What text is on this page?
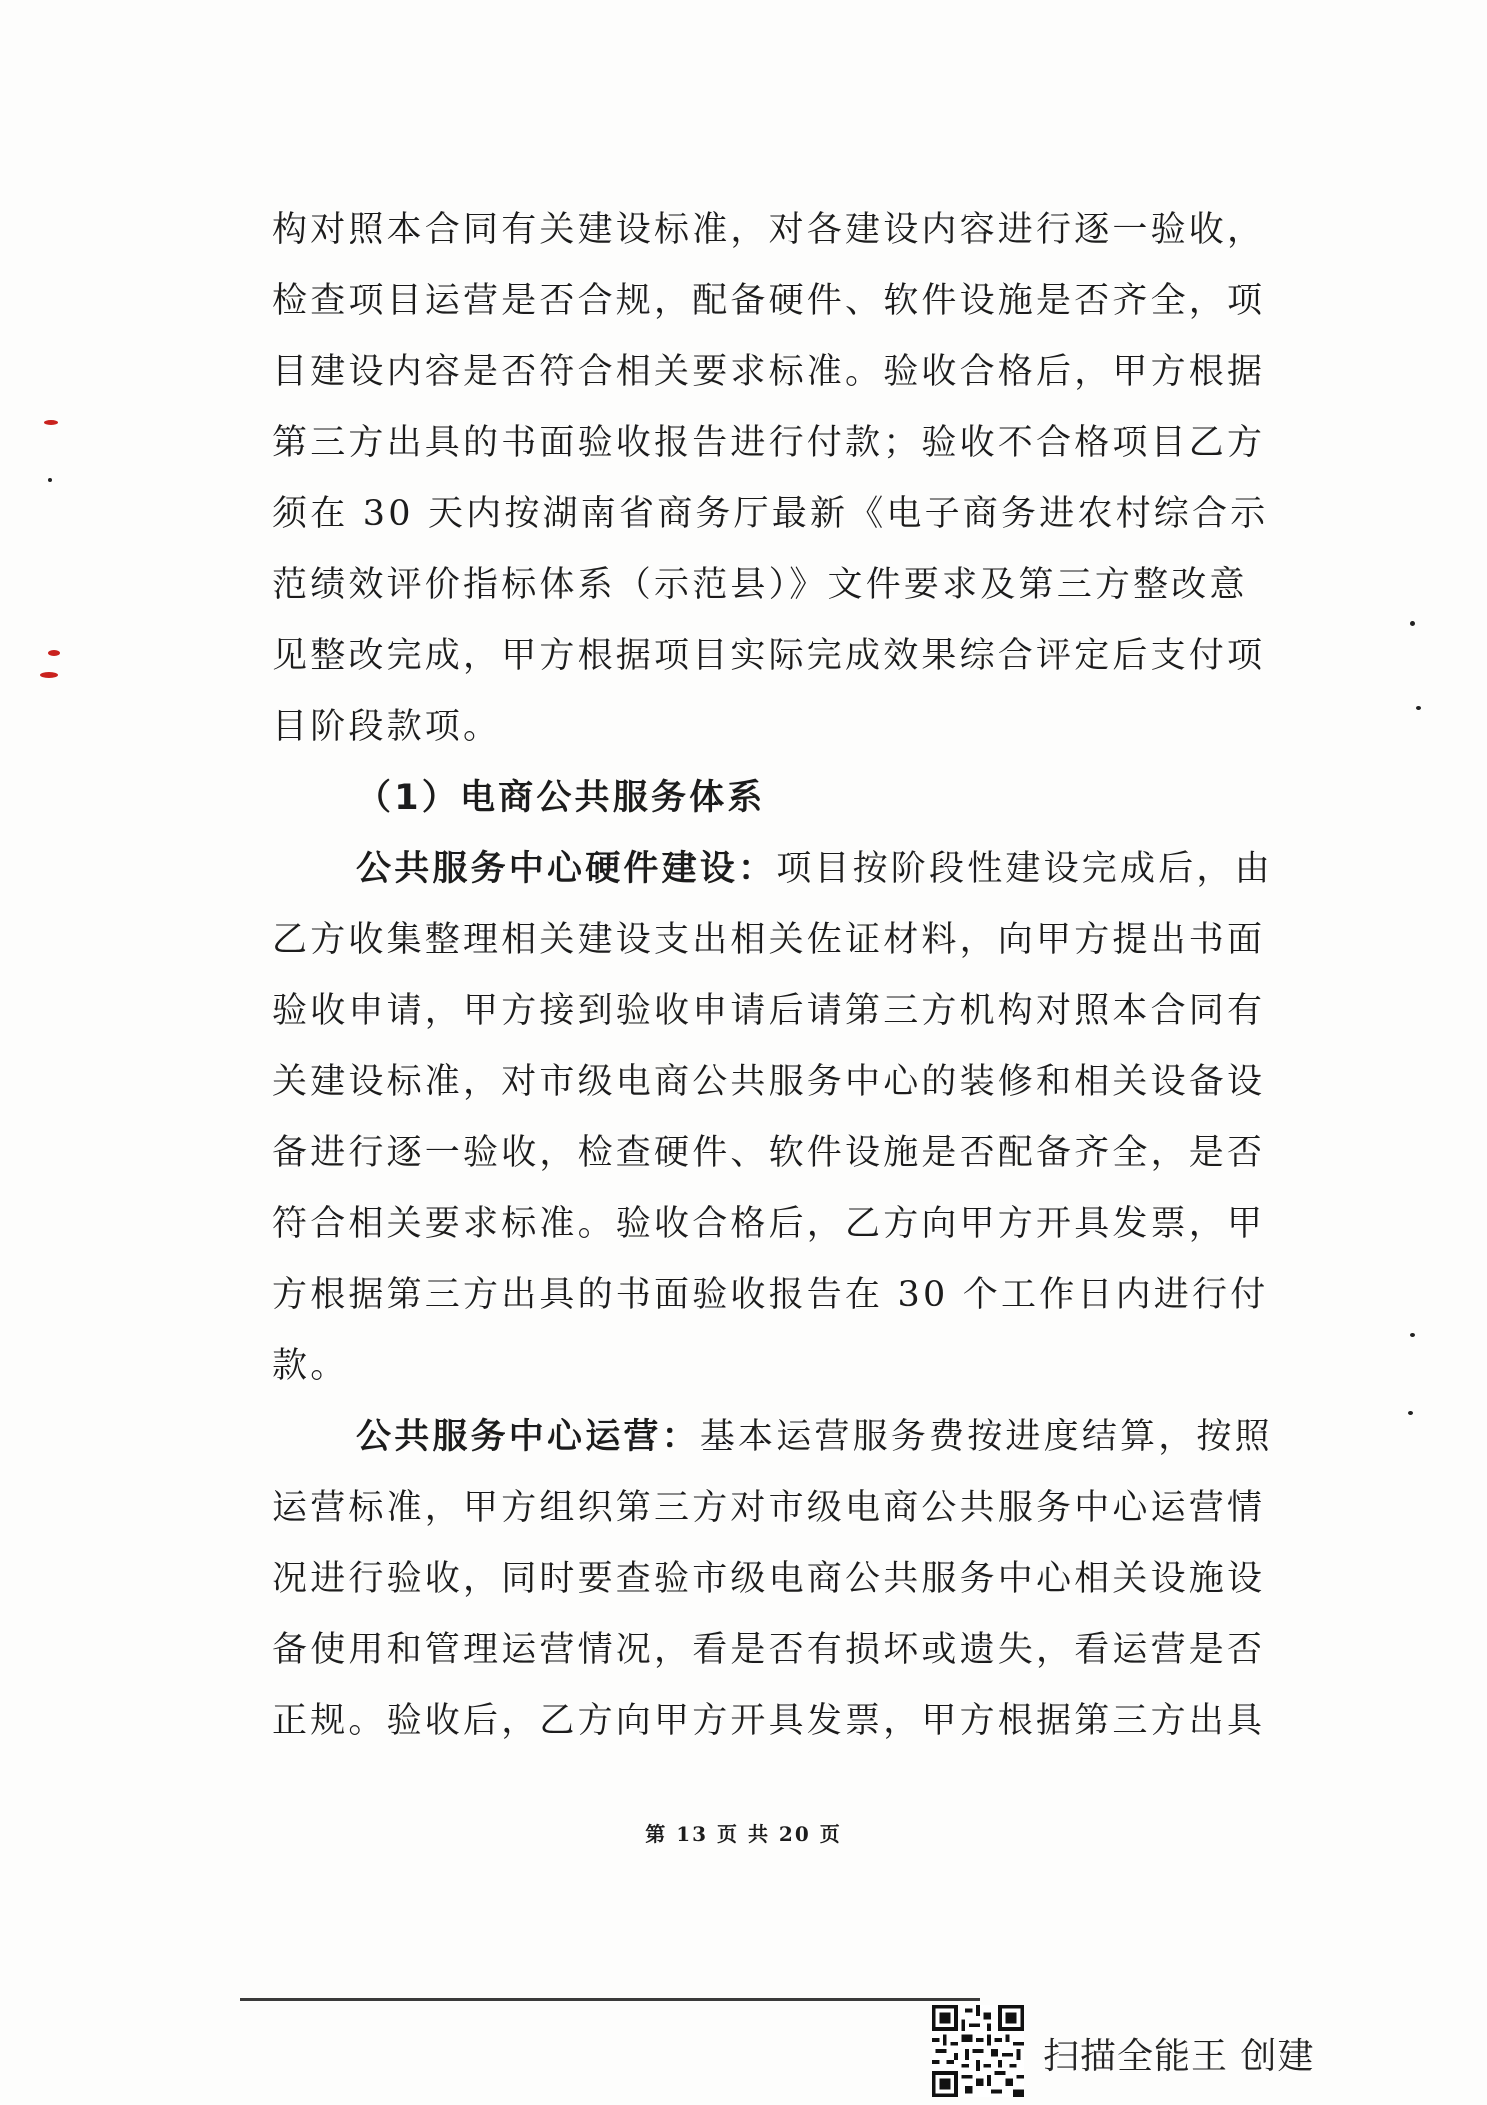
构对照本合同有关建设标准，对各建设内容进行逐一验收，
检查项目运营是否合规，配备硬件、软件设施是否齐全，项
目建设内容是否符合相关要求标准。验收合格后，甲方根据
第三方出具的书面验收报告进行付款；验收不合格项目乙方
须在 30 天内按湖南省商务厅最新《电子商务进农村综合示
范绩效评价指标体系（示范县）》文件要求及第三方整改意
见整改完成，甲方根据项目实际完成效果综合评定后支付项
目阶段款项。
（1）电商公共服务体系
公共服务中心硬件建设：项目按阶段性建设完成后，由
乙方收集整理相关建设支出相关佐证材料，向甲方提出书面
验收申请，甲方接到验收申请后请第三方机构对照本合同有
关建设标准，对市级电商公共服务中心的装修和相关设备设
备进行逐一验收，检查硬件、软件设施是否配备齐全，是否
符合相关要求标准。验收合格后，乙方向甲方开具发票，甲
方根据第三方出具的书面验收报告在 30 个工作日内进行付
款。
公共服务中心运营：基本运营服务费按进度结算，按照
运营标准，甲方组织第三方对市级电商公共服务中心运营情
况进行验收，同时要查验市级电商公共服务中心相关设施设
备使用和管理运营情况，看是否有损坏或遗失，看运营是否
正规。验收后，乙方向甲方开具发票，甲方根据第三方出具
第 13 页 共 20 页
扫描全能王 创建
